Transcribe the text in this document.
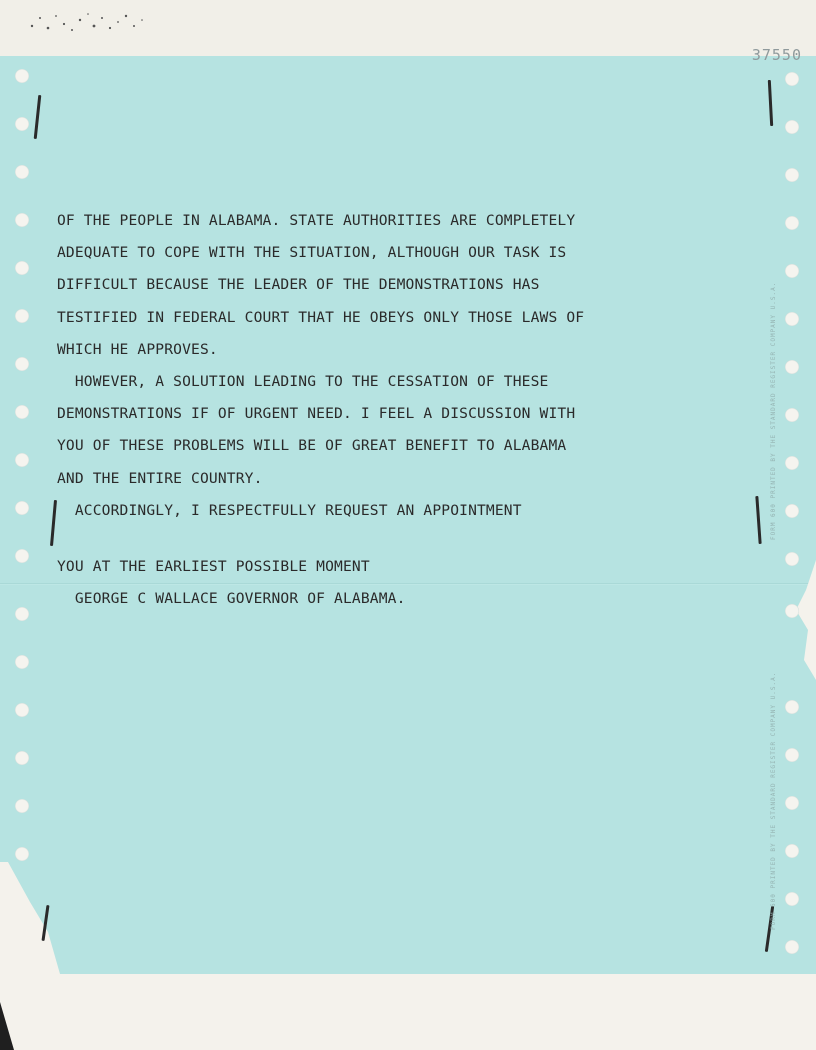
37550
FORM 600 PRINTED BY THE STANDARD REGISTER COMPANY U.S.A.
FORM 600 PRINTED BY THE STANDARD REGISTER COMPANY U.S.A.
OF THE PEOPLE IN ALABAMA. STATE AUTHORITIES ARE COMPLETELY
ADEQUATE TO COPE WITH THE SITUATION, ALTHOUGH OUR TASK IS
DIFFICULT BECAUSE THE LEADER OF THE DEMONSTRATIONS HAS
TESTIFIED IN FEDERAL COURT THAT HE OBEYS ONLY THOSE LAWS OF
WHICH HE APPROVES.
HOWEVER, A SOLUTION LEADING TO THE CESSATION OF THESE
DEMONSTRATIONS IF OF URGENT NEED. I FEEL A DISCUSSION WITH
YOU OF THESE PROBLEMS WILL BE OF GREAT BENEFIT TO ALABAMA
AND THE ENTIRE COUNTRY.
ACCORDINGLY, I RESPECTFULLY REQUEST AN APPOINTMENT
YOU AT THE EARLIEST POSSIBLE MOMENT
GEORGE C WALLACE GOVERNOR OF ALABAMA.
